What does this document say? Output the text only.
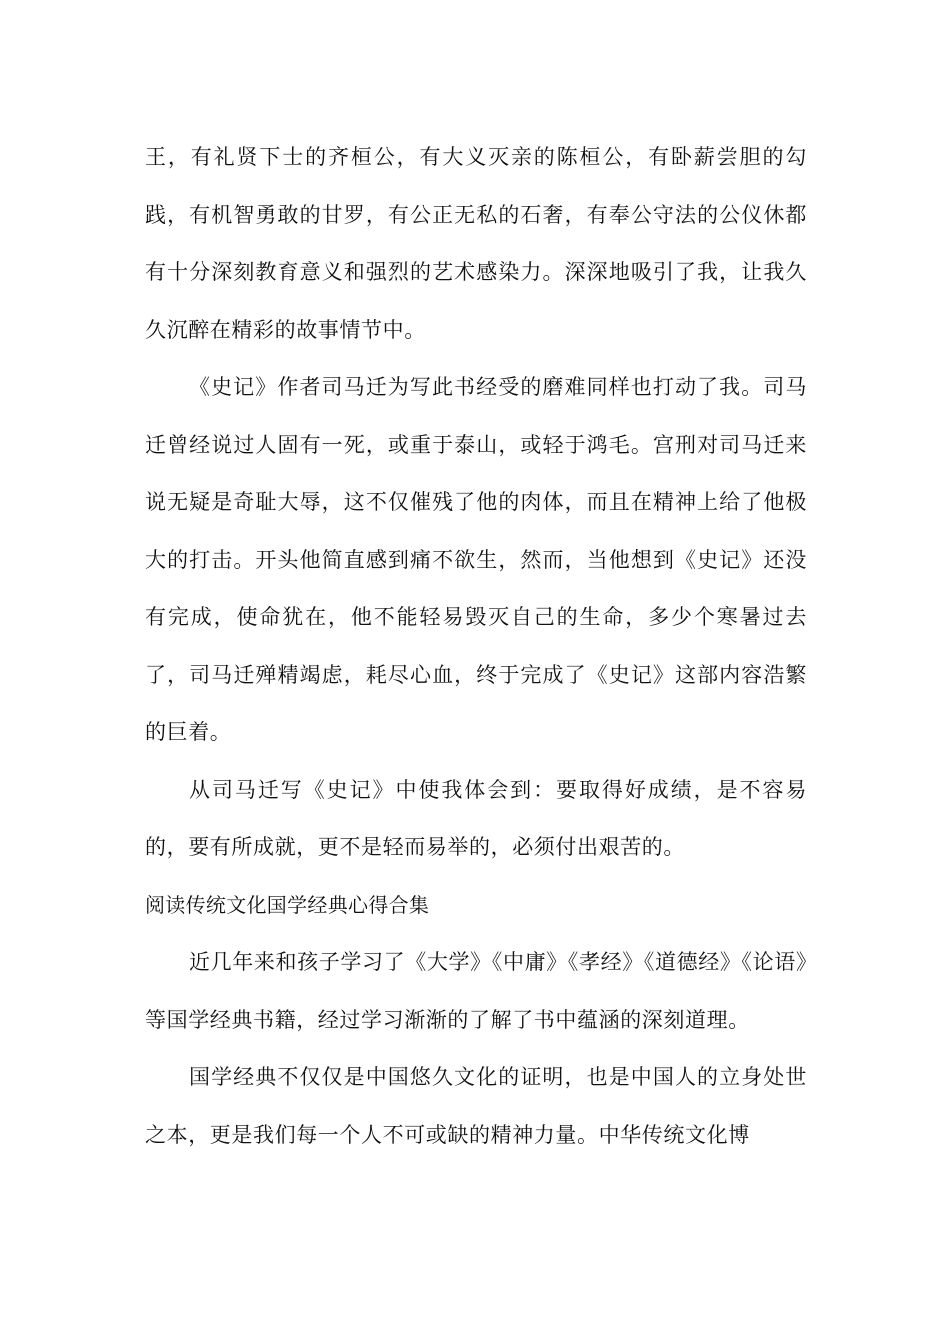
王，有礼贤下士的齐桓公，有大义灭亲的陈桓公，有卧薪尝胆的勾践，有机智勇敢的甘罗，有公正无私的石奢，有奉公守法的公仪休都有十分深刻教育意义和强烈的艺术感染力。深深地吸引了我，让我久久沉醉在精彩的故事情节中。

《史记》作者司马迁为写此书经受的磨难同样也打动了我。司马迁曾经说过人固有一死，或重于泰山，或轻于鸿毛。宫刑对司马迁来说无疑是奇耻大辱，这不仅催残了他的肉体，而且在精神上给了他极大的打击。开头他简直感到痛不欲生，然而，当他想到《史记》还没有完成，使命犹在，他不能轻易毁灭自己的生命，多少个寒暑过去了，司马迁殚精竭虑，耗尽心血，终于完成了《史记》这部内容浩繁的巨着。

从司马迁写《史记》中使我体会到：要取得好成绩，是不容易的，要有所成就，更不是轻而易举的，必须付出艰苦的。

阅读传统文化国学经典心得合集

近几年来和孩子学习了《大学》《中庸》《孝经》《道德经》《论语》等国学经典书籍，经过学习渐渐的了解了书中蕴涵的深刻道理。

国学经典不仅仅是中国悠久文化的证明，也是中国人的立身处世之本，更是我们每一个人不可或缺的精神力量。中华传统文化博
